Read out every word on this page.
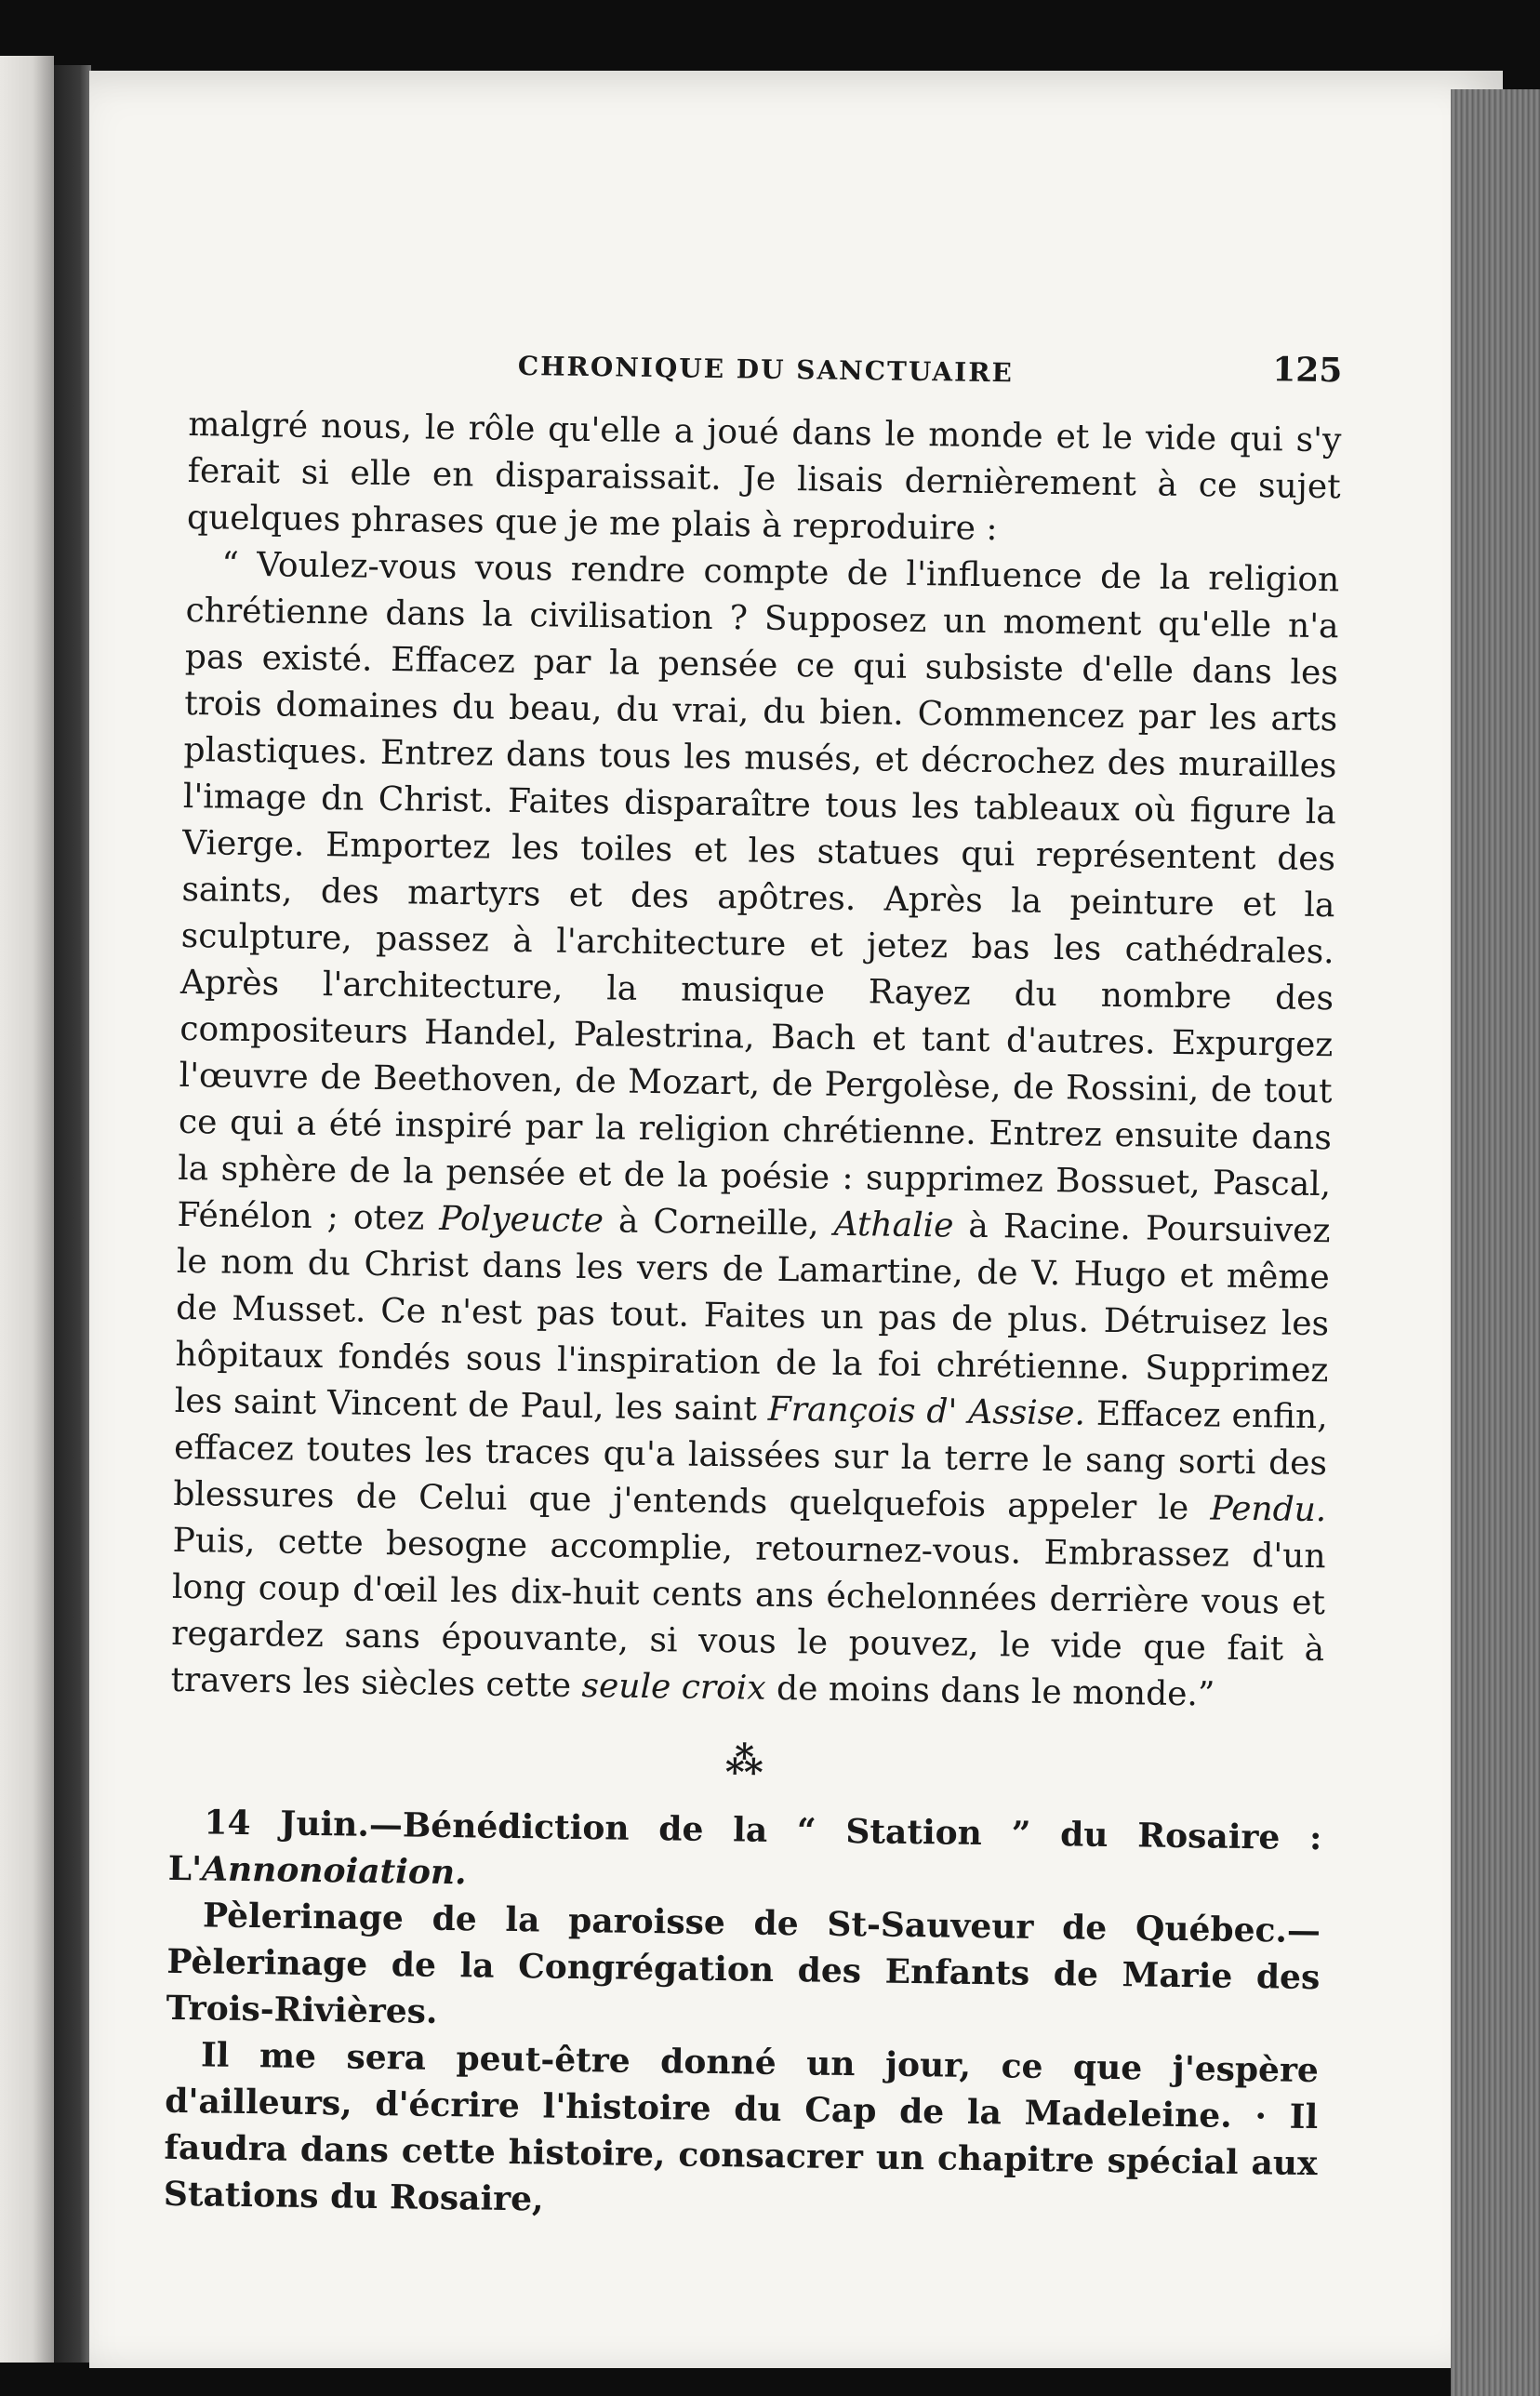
CHRONIQUE DU SANCTUAIRE	125

malgré nous, le rôle qu'elle a joué dans le monde et le vide qui s'y ferait si elle en disparaissait. Je lisais dernièrement à ce sujet quelques phrases que je me plais à reproduire :

“ Voulez-vous vous rendre compte de l'influence de la religion chrétienne dans la civilisation ? Supposez un moment qu'elle n'a pas existé. Effacez par la pensée ce qui subsiste d'elle dans les trois domaines du beau, du vrai, du bien. Commencez par les arts plastiques. Entrez dans tous les musés, et décrochez des murailles l'image dn Christ. Faites disparaître tous les tableaux où figure la Vierge. Emportez les toiles et les statues qui représentent des saints, des martyrs et des apôtres. Après la peinture et la sculpture, passez à l'architecture et jetez bas les cathédrales. Après l'architecture, la musique Rayez du nombre des compositeurs Handel, Palestrina, Bach et tant d'autres. Expurgez l'œuvre de Beethoven, de Mozart, de Pergolèse, de Rossini, de tout ce qui a été inspiré par la religion chrétienne. Entrez ensuite dans la sphère de la pensée et de la poésie : supprimez Bossuet, Pascal, Fénélon ; otez Polyeucte à Corneille, Athalie à Racine. Poursuivez le nom du Christ dans les vers de Lamartine, de V. Hugo et même de Musset. Ce n'est pas tout. Faites un pas de plus. Détruisez les hôpitaux fondés sous l'inspiration de la foi chrétienne. Supprimez les saint Vincent de Paul, les saint François d' Assise. Effacez enfin, effacez toutes les traces qu'a laissées sur la terre le sang sorti des blessures de Celui que j'entends quelquefois appeler le Pendu. Puis, cette besogne accomplie, retournez-vous. Embrassez d'un long coup d'œil les dix-huit cents ans échelonnées derrière vous et regardez sans épouvante, si vous le pouvez, le vide que fait à travers les siècles cette seule croix de moins dans le monde.”

⁂

14 Juin.—Bénédiction de la “ Station ” du Rosaire : L'Annonoiation.

Pèlerinage de la paroisse de St-Sauveur de Québec.—Pèlerinage de la Congrégation des Enfants de Marie des Trois-Rivières.

Il me sera peut-être donné un jour, ce que j'espère d'ailleurs, d'écrire l'histoire du Cap de la Madeleine. · Il faudra dans cette histoire, consacrer un chapitre spécial aux Stations du Rosaire,
